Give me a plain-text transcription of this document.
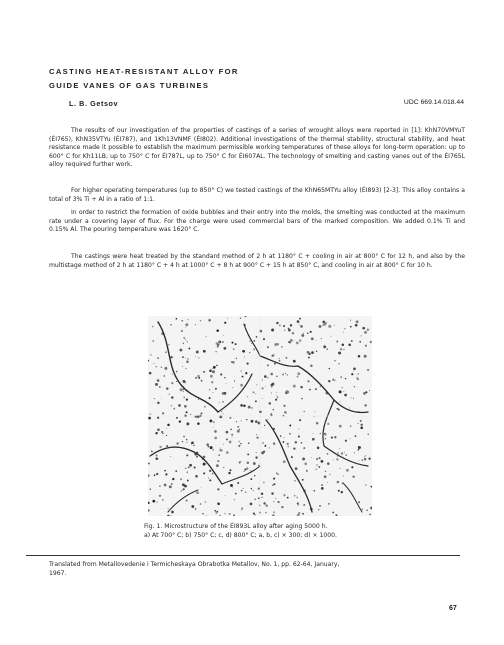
CASTING HEAT-RESISTANT ALLOY FOR
GUIDE VANES OF GAS TURBINES
L. B. Getsov	UDC 669.14.018.44

The results of our investigation of the properties of castings of a series of wrought alloys were reported in [1]: KhN70VMYuT (ÉI765), KhN35VTYu (ÉI787), and 1Kh13VNMF (ÉI802). Additional investigations of the thermal stability, structural stability, and heat resistance made it possible to establish the maximum permissible working temperatures of these alloys for long-term operation: up to 600° C for Kh11LB, up to 750° C for ÉI787L, up to 750° C for ÉI607AL. The technology of smelting and casting vanes out of the ÉI765L alloy required further work.

For higher operating temperatures (up to 850° C) we tested castings of the KhN65MTYu alloy (ÉI893) [2-3]. This alloy contains a total of 3% Ti + Al in a ratio of 1:1.

In order to restrict the formation of oxide bubbles and their entry into the molds, the smelting was conducted at the maximum rate under a covering layer of flux. For the charge were used commercial bars of the marked composition. We added 0.1% Ti and 0.15% Al. The pouring temperature was 1620° C.

The castings were heat treated by the standard method of 2 h at 1180° C + cooling in air at 800° C for 12 h, and also by the multistage method of 2 h at 1180° C + 4 h at 1000° C + 8 h at 900° C + 15 h at 850° C, and cooling in air at 800° C for 10 h.

Fig. 1. Microstructure of the ÉI893L alloy after aging 5000 h.
a) At 700° C; b) 750° C; c, d) 800° C; a, b, c) × 300; d) × 1000.

Translated from Metallovedenie i Termicheskaya Obrabotka Metallov, No. 1, pp. 62-64, January,

1967.

67
